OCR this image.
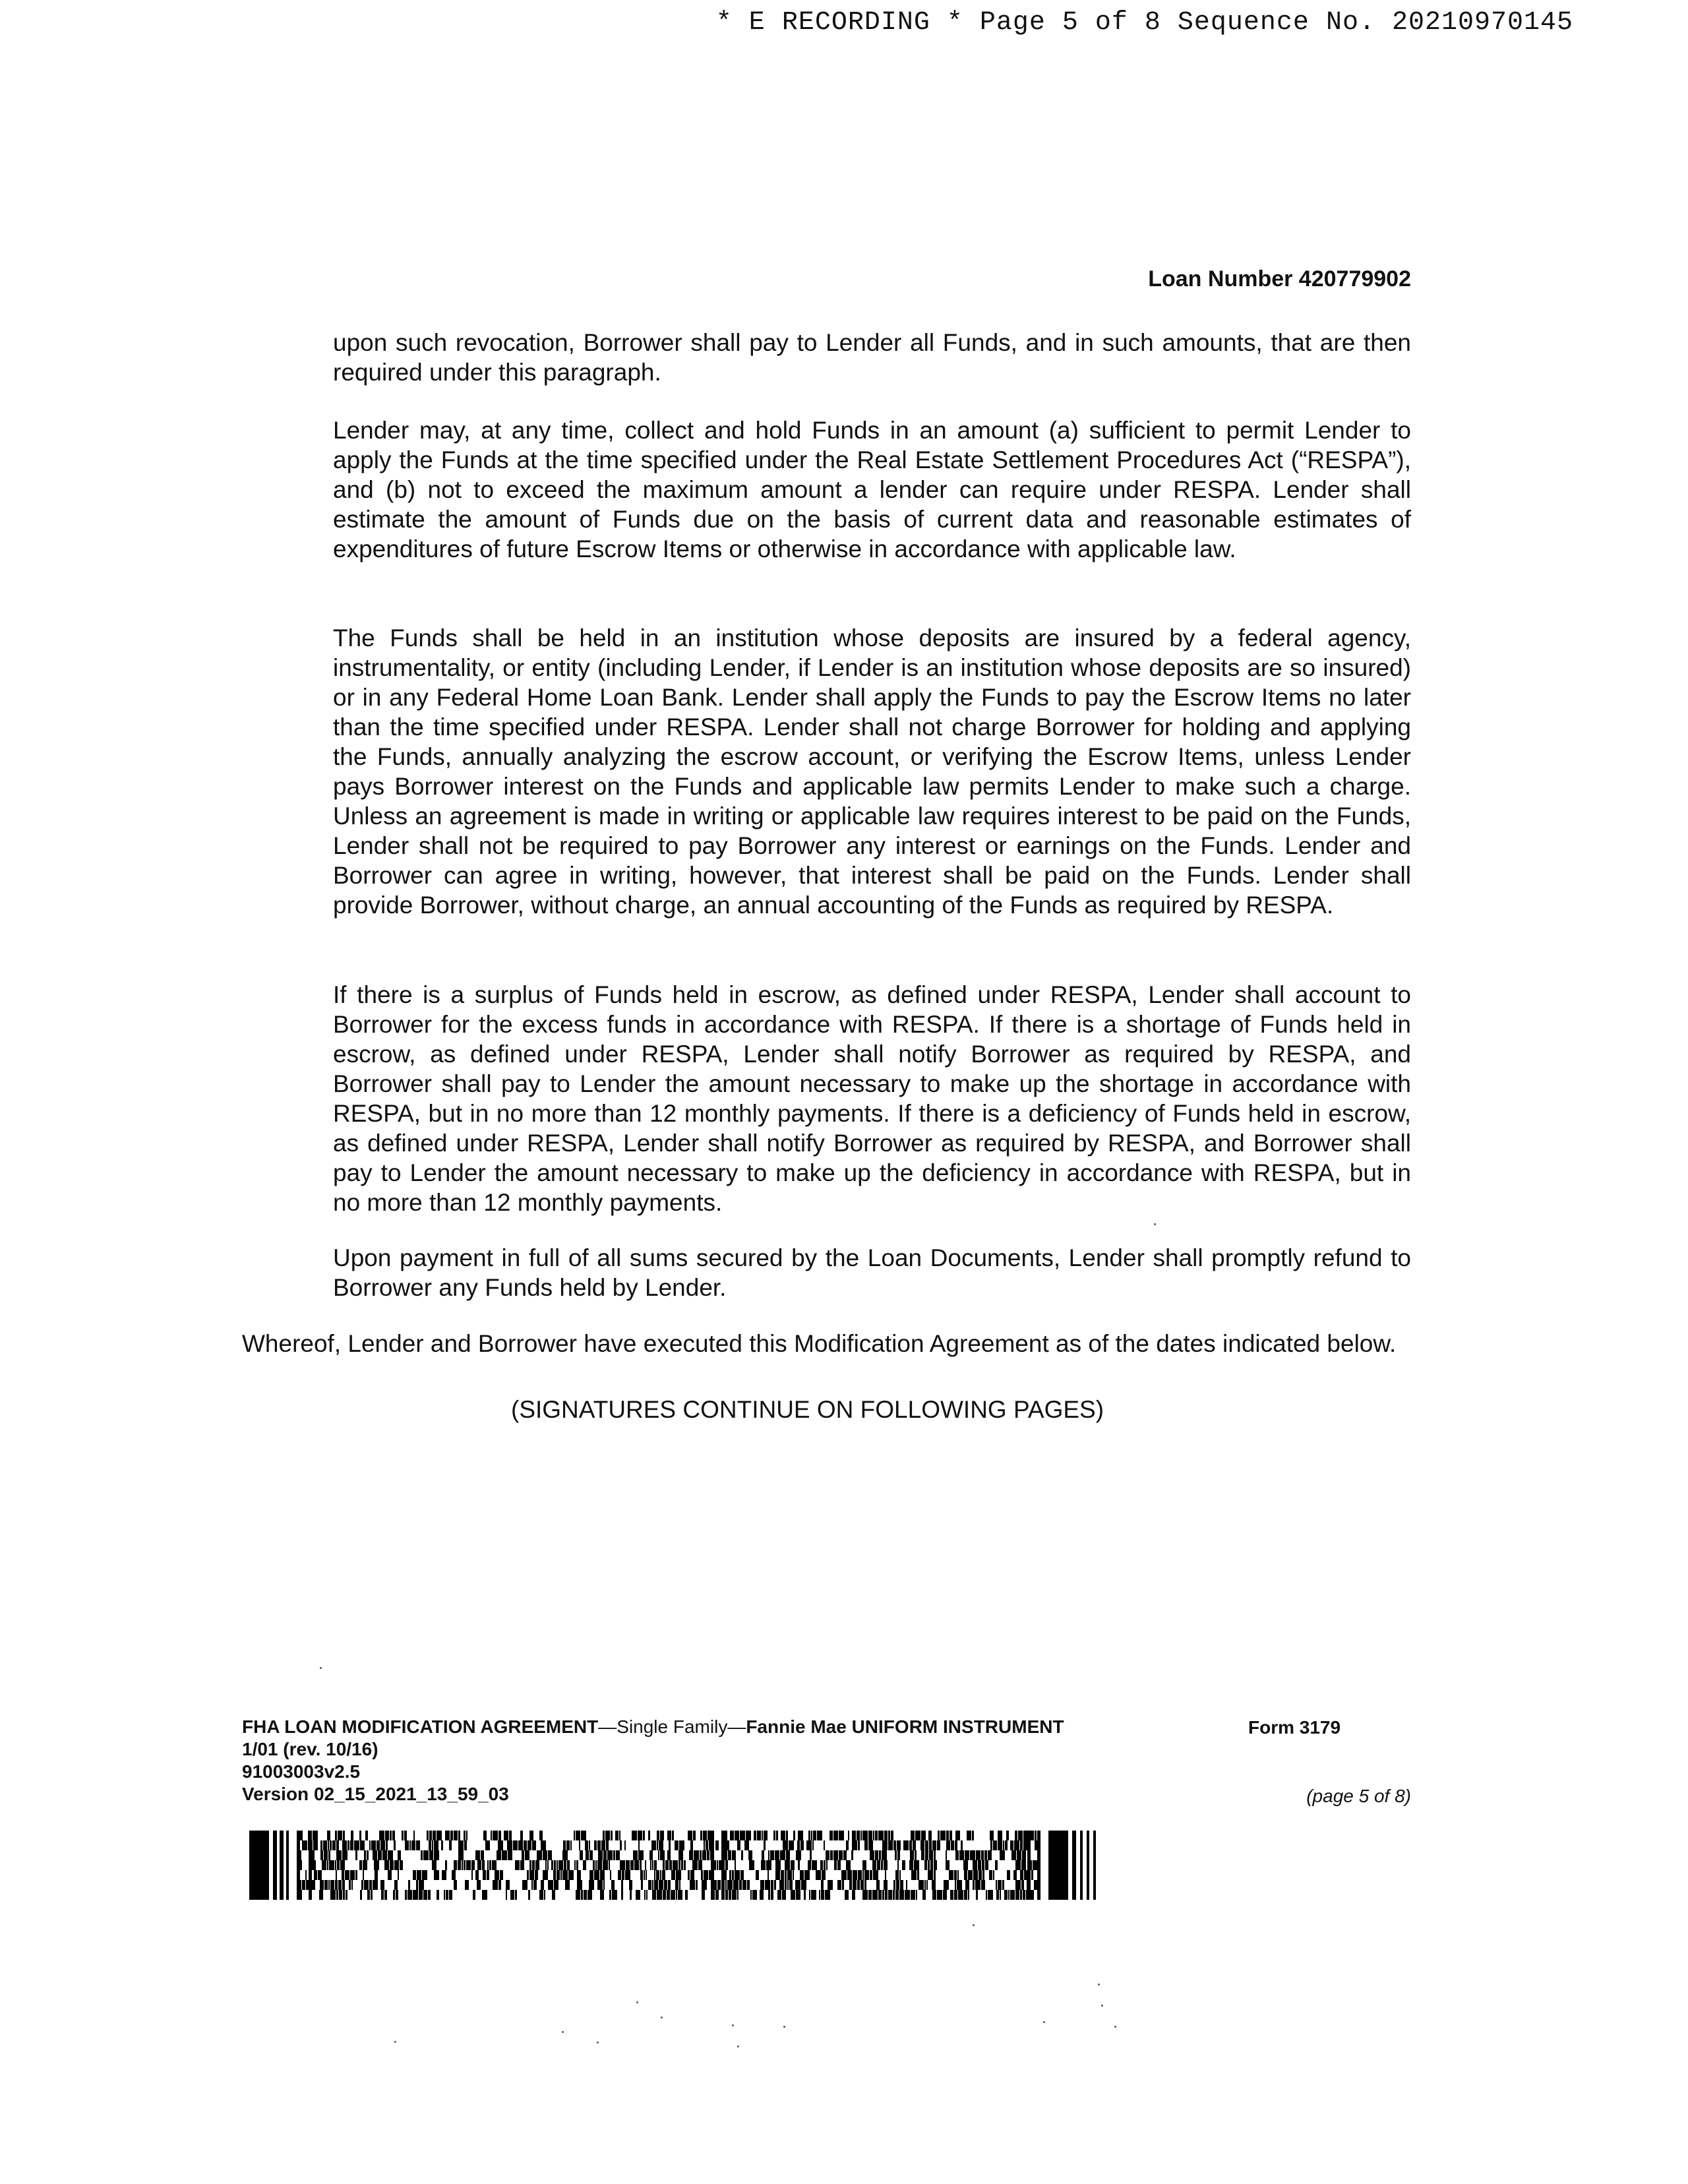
* E RECORDING * Page 5 of 8 Sequence No. 20210970145
Loan Number 420779902

upon such revocation, Borrower shall pay to Lender all Funds, and in such amounts, that are then required under this paragraph.

Lender may, at any time, collect and hold Funds in an amount (a) sufficient to permit Lender to apply the Funds at the time specified under the Real Estate Settlement Procedures Act (“RESPA”), and (b) not to exceed the maximum amount a lender can require under RESPA. Lender shall estimate the amount of Funds due on the basis of current data and reasonable estimates of expenditures of future Escrow Items or otherwise in accordance with applicable law.

The Funds shall be held in an institution whose deposits are insured by a federal agency, instrumentality, or entity (including Lender, if Lender is an institution whose deposits are so insured) or in any Federal Home Loan Bank. Lender shall apply the Funds to pay the Escrow Items no later than the time specified under RESPA. Lender shall not charge Borrower for holding and applying the Funds, annually analyzing the escrow account, or verifying the Escrow Items, unless Lender pays Borrower interest on the Funds and applicable law permits Lender to make such a charge. Unless an agreement is made in writing or applicable law requires interest to be paid on the Funds, Lender shall not be required to pay Borrower any interest or earnings on the Funds. Lender and Borrower can agree in writing, however, that interest shall be paid on the Funds. Lender shall provide Borrower, without charge, an annual accounting of the Funds as required by RESPA.

If there is a surplus of Funds held in escrow, as defined under RESPA, Lender shall account to Borrower for the excess funds in accordance with RESPA. If there is a shortage of Funds held in escrow, as defined under RESPA, Lender shall notify Borrower as required by RESPA, and Borrower shall pay to Lender the amount necessary to make up the shortage in accordance with RESPA, but in no more than 12 monthly payments. If there is a deficiency of Funds held in escrow, as defined under RESPA, Lender shall notify Borrower as required by RESPA, and Borrower shall pay to Lender the amount necessary to make up the deficiency in accordance with RESPA, but in no more than 12 monthly payments.

Upon payment in full of all sums secured by the Loan Documents, Lender shall promptly refund to Borrower any Funds held by Lender.

Whereof, Lender and Borrower have executed this Modification Agreement as of the dates indicated below.

(SIGNATURES CONTINUE ON FOLLOWING PAGES)
FHA LOAN MODIFICATION AGREEMENT—Single Family—Fannie Mae UNIFORM INSTRUMENT
1/01 (rev. 10/16)
91003003v2.5
Version 02_15_2021_13_59_03
Form 3179
(page 5 of 8)
